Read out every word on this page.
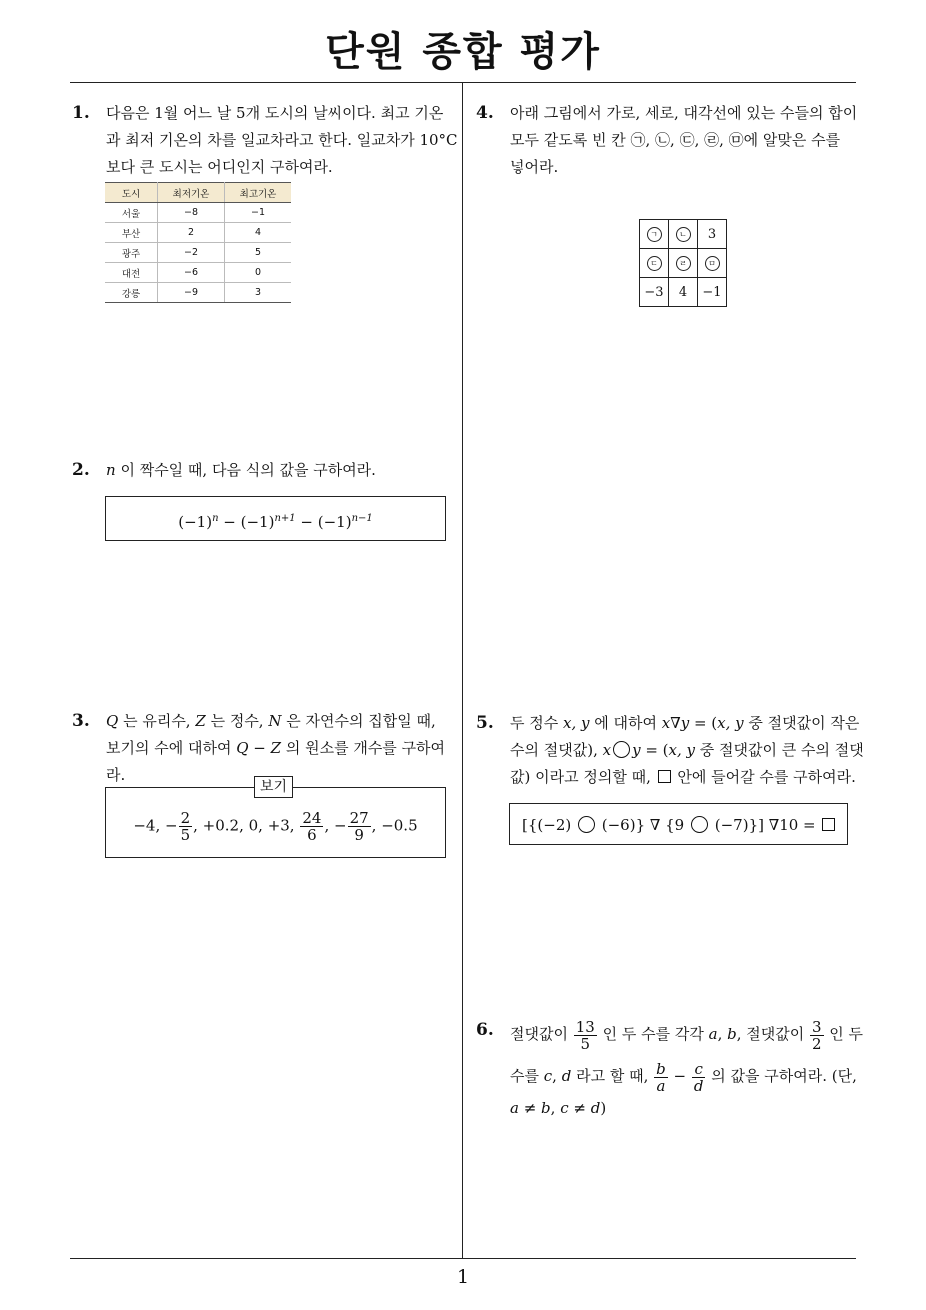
단원 종합 평가
1. 다음은 1월 어느 날 5개 도시의 날씨이다. 최고 기온
과 최저 기온의 차를 일교차라고 한다. 일교차가 10°C
보다 큰 도시는 어디인지 구하여라.
도시	최저기온	최고기온
서울	−8	−1
부산	2	4
광주	−2	5
대전	−6	0
강릉	−9	3
2. n 이 짝수일 때, 다음 식의 값을 구하여라.
$(-1)^n - (-1)^{n+1} - (-1)^{n-1}$
3. Q 는 유리수, Z 는 정수, N 은 자연수의 집합일 때,
보기의 수에 대하여 Q − Z 의 원소를 개수를 구하여라.
−4, − $\frac{2}{5}$ , +0.2, 0, +3, $\frac{24}{6}$ , − $\frac{27}{9}$ , −0.5
보기
4. 아래 그림에서 가로, 세로, 대각선에 있는 수들의 합이
모두 같도록 빈 칸 ㉠, ㉡, ㉢, ㉣, ㉤에 알맞은 수를
넣어라.
ㄱ	ㄴ	3
ㄷ	ㄹ	ㅁ
−3	4	−1
5. 두 정수 x, y 에 대하여 x∇y = (x, y 중 절댓값이 작은
수의 절댓값), x y = (x, y 중 절댓값이 큰 수의 절댓
값) 이라고 정의할 때,  안에 들어갈 수를 구하여라.
[{(−2)  (−6)} ∇ {9  (−7)}] ∇10 =
6. 절댓값이 $\frac{13}{5}$ 인 두 수를 각각 a, b, 절댓값이 $\frac{3}{2}$ 인 두
수를 c, d 라고 할 때, $\frac{b}{a} - \frac{c}{d}$ 의 값을 구하여라. (단,
a ≠ b, c ≠ d)
1
